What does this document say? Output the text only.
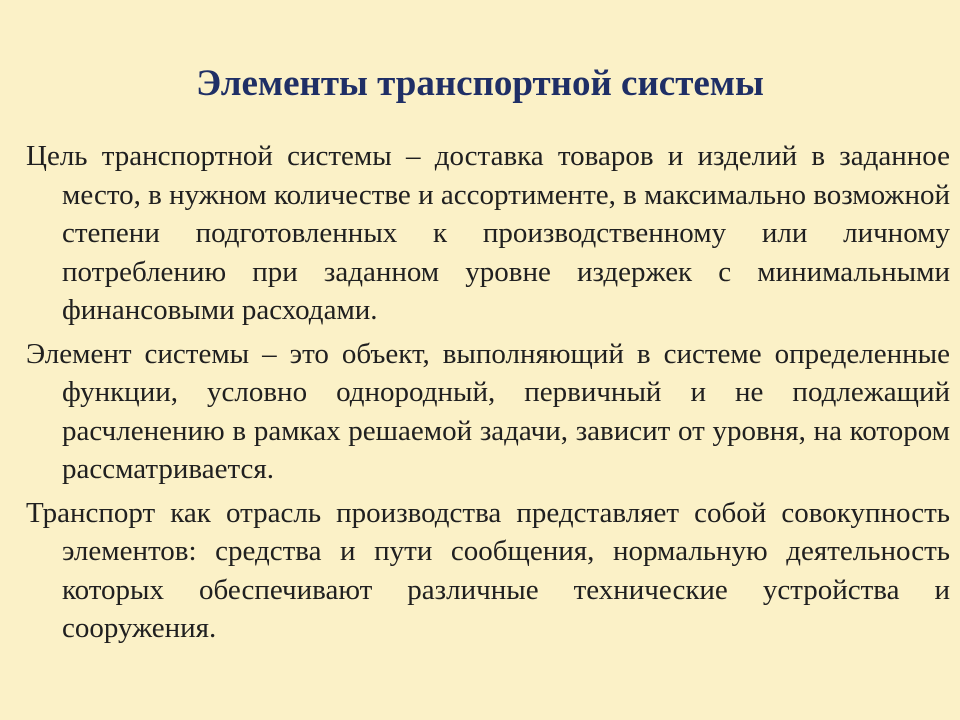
Элементы транспортной системы

Цель транспортной системы – доставка товаров и изделий в заданное место, в нужном количестве и ассортименте, в максимально возможной степени подготовленных к производственному или личному потреблению при заданном уровне издержек с минимальными финансовыми расходами.

Элемент системы – это объект, выполняющий в системе определенные функции, условно однородный, первичный и не подлежащий расчленению в рамках решаемой задачи, зависит от уровня, на котором рассматривается.

Транспорт как отрасль производства представляет собой совокупность элементов: средства и пути сообщения, нормальную деятельность которых обеспечивают различные технические устройства и сооружения.
